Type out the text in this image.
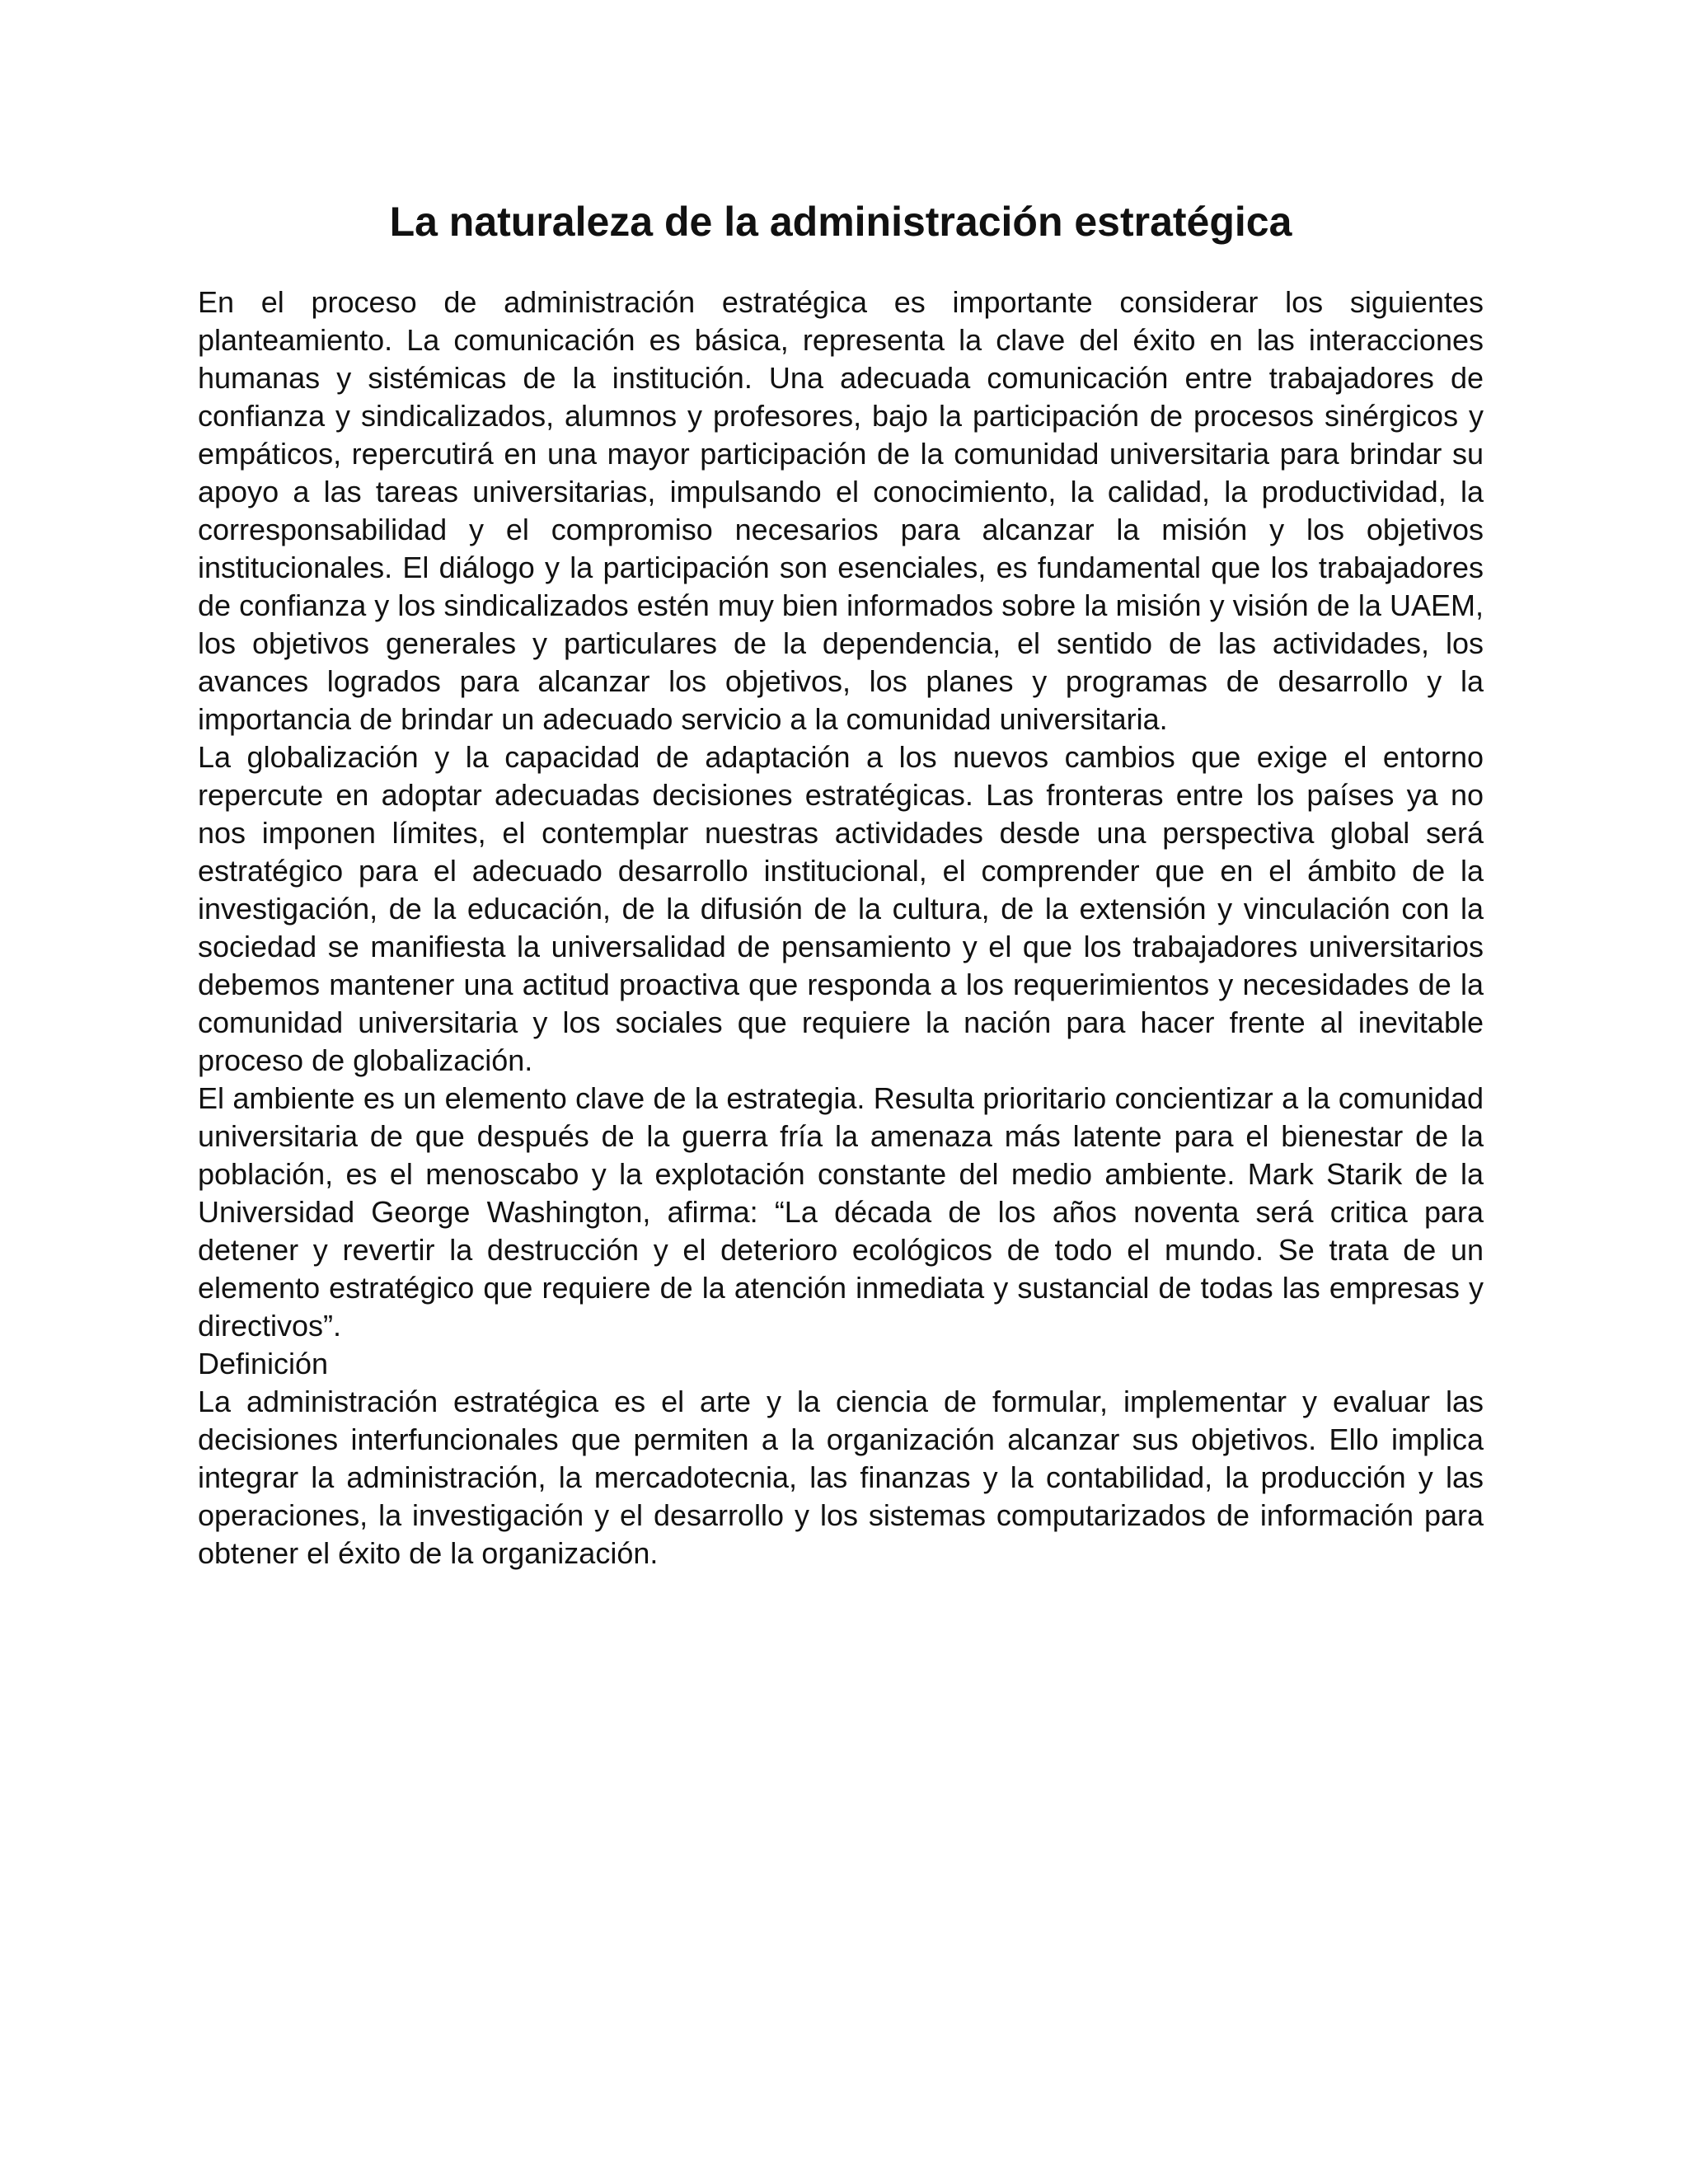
La naturaleza de la administración estratégica

En el proceso de administración estratégica es importante considerar los siguientes planteamiento. La comunicación es básica, representa la clave del éxito en las interacciones humanas y sistémicas de la institución. Una adecuada comunicación entre trabajadores de confianza y sindicalizados, alumnos y profesores, bajo la participación de procesos sinérgicos y empáticos, repercutirá en una mayor participación de la comunidad universitaria para brindar su apoyo a las tareas universitarias, impulsando el conocimiento, la calidad, la productividad, la corresponsabilidad y el compromiso necesarios para alcanzar la misión y los objetivos institucionales. El diálogo y la participación son esenciales, es fundamental que los trabajadores de confianza y los sindicalizados estén muy bien informados sobre la misión y visión de la UAEM, los objetivos generales y particulares de la dependencia, el sentido de las actividades, los avances logrados para alcanzar los objetivos, los planes y programas de desarrollo y la importancia de brindar un adecuado servicio a la comunidad universitaria.

La globalización y la capacidad de adaptación a los nuevos cambios que exige el entorno repercute en adoptar adecuadas decisiones estratégicas. Las fronteras entre los países ya no nos imponen límites, el contemplar nuestras actividades desde una perspectiva global será estratégico para el adecuado desarrollo institucional, el comprender que en el ámbito de la investigación, de la educación, de la difusión de la cultura, de la extensión y vinculación con la sociedad se manifiesta la universalidad de pensamiento y el que los trabajadores universitarios debemos mantener una actitud proactiva que responda a los requerimientos y necesidades de la comunidad universitaria y los sociales que requiere la nación para hacer frente al inevitable proceso de globalización.

El ambiente es un elemento clave de la estrategia. Resulta prioritario concientizar a la comunidad universitaria de que después de la guerra fría la amenaza más latente para el bienestar de la población, es el menoscabo y la explotación constante del medio ambiente. Mark Starik de la Universidad George Washington, afirma: “La década de los años noventa será critica para detener y revertir la destrucción y el deterioro ecológicos de todo el mundo. Se trata de un elemento estratégico que requiere de la atención inmediata y sustancial de todas las empresas y directivos”.

Definición

La administración estratégica es el arte y la ciencia de formular, implementar y evaluar las decisiones interfuncionales que permiten a la organización alcanzar sus objetivos. Ello implica integrar la administración, la mercadotecnia, las finanzas y la contabilidad, la producción y las operaciones, la investigación y el desarrollo y los sistemas computarizados de información para obtener el éxito de la organización.
